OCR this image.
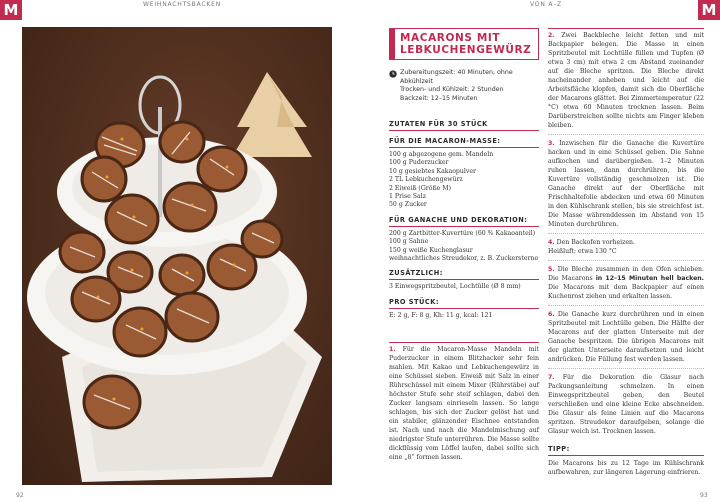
M	WEIHNACHTSBACKEN	VON A–Z	M
MACARONS MIT LEBKUCHENGEWÜRZ
Zubereitungszeit: 40 Minuten, ohne Abkühlzeit
Trocken- und Kühlzeit: 2 Stunden
Backzeit: 12–15 Minuten
ZUTATEN FÜR 30 STÜCK
FÜR DIE MACARON-MASSE:
100 g abgezogene gem. Mandeln
100 g Puderzucker
10 g gesiebtes Kakaopulver
2 TL Lebkuchengewürz
2 Eiweiß (Größe M)
1 Prise Salz
50 g Zucker
FÜR GANACHE UND DEKORATION:
200 g Zartbitter-Kuvertüre (60 % Kakaoanteil)
100 g Sahne
150 g weiße Kuchenglasur
weihnachtliches Streudekor, z. B. Zuckersterne
ZUSÄTZLICH:
3 Einwegspritzbeutel, Lochtülle (Ø 8 mm)
PRO STÜCK:
E: 2 g, F: 8 g, Kh: 11 g, kcal: 121
1. Für die Macaron-Masse Mandeln mit Puderzucker in einem Blitzhacker sehr fein mahlen. Mit Kakao und Lebkuchengewürz in eine Schüssel sieben. Eiweiß mit Salz in einer Rührschüssel mit einem Mixer (Rührstäbe) auf höchster Stufe sehr steif schlagen, dabei den Zucker langsam einrieseln lassen. So lange schlagen, bis sich der Zucker gelöst hat und ein stabiler, glänzender Eischnee entstanden ist. Nach und nach die Mandelmischung auf niedrigster Stufe unterrühren. Die Masse sollte dickflüssig vom Löffel laufen, dabei sollte sich eine „8“ formen lassen.
2. Zwei Backbleche leicht fetten und mit Backpapier belegen. Die Masse in einen Spritzbeutel mit Lochtülle füllen und Tupfen (Ø etwa 3 cm) mit etwa 2 cm Abstand zueinander auf die Bleche spritzen. Die Bleche direkt nacheinander anheben und leicht auf die Arbeitsfläche klopfen, damit sich die Oberfläche der Macarons glättet. Bei Zimmertemperatur (22 °C) etwa 60 Minuten trocknen lassen. Beim Darüberstreichen sollte nichts am Finger kleben bleiben.
3. Inzwischen für die Ganache die Kuvertüre hacken und in eine Schüssel geben. Die Sahne aufkochen und darübergießen. 1–2 Minuten ruhen lassen, dann durchrühren, bis die Kuvertüre vollständig geschmolzen ist. Die Ganache direkt auf der Oberfläche mit Frischhaltefolie abdecken und etwa 60 Minuten in den Kühlschrank stellen, bis sie streichfest ist. Die Masse währenddessen im Abstand von 15 Minuten durchrühren.
4. Den Backofen vorheizen.
Heißluft: etwa 130 °C
5. Die Bleche zusammen in den Ofen schieben. Die Macarons in 12–15 Minuten hell backen. Die Macarons mit dem Backpapier auf einen Kuchenrost ziehen und erkalten lassen.
6. Die Ganache kurz durchrühren und in einen Spritzbeutel mit Lochtülle geben. Die Hälfte der Macarons auf der glatten Unterseite mit der Ganache bespritzen. Die übrigen Macarons mit der glatten Unterseite daraufsetzen und leicht andrücken. Die Füllung fest werden lassen.
7. Für die Dekoration die Glasur nach Packungsanleitung schmelzen. In einen Einwegspritzbeutel geben, den Beutel verschließen und eine kleine Ecke abschneiden. Die Glasur als feine Linien auf die Macarons spritzen. Streudekor daraufgeben, solange die Glasur weich ist. Trocknen lassen.
TIPP:
Die Macarons bis zu 12 Tage im Kühlschrank aufbewahren, zur längeren Lagerung einfrieren.
92	93
